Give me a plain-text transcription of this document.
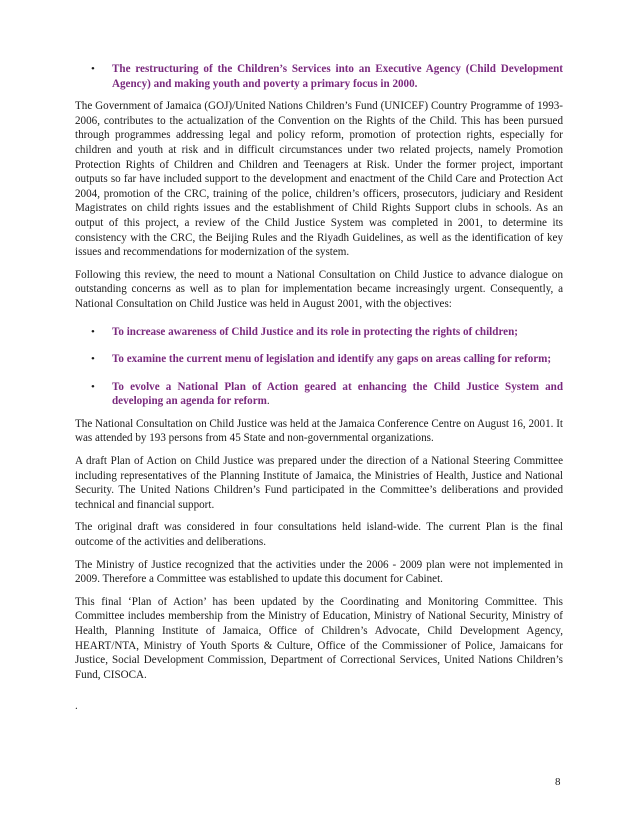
• The restructuring of the Children’s Services into an Executive Agency (Child Development Agency) and making youth and poverty a primary focus in 2000.

The Government of Jamaica (GOJ)/United Nations Children’s Fund (UNICEF) Country Programme of 1993-2006, contributes to the actualization of the Convention on the Rights of the Child. This has been pursued through programmes addressing legal and policy reform, promotion of protection rights, especially for children and youth at risk and in difficult circumstances under two related projects, namely Promotion Protection Rights of Children and Children and Teenagers at Risk. Under the former project, important outputs so far have included support to the development and enactment of the Child Care and Protection Act 2004, promotion of the CRC, training of the police, children’s officers, prosecutors, judiciary and Resident Magistrates on child rights issues and the establishment of Child Rights Support clubs in schools. As an output of this project, a review of the Child Justice System was completed in 2001, to determine its consistency with the CRC, the Beijing Rules and the Riyadh Guidelines, as well as the identification of key issues and recommendations for modernization of the system.

Following this review, the need to mount a National Consultation on Child Justice to advance dialogue on outstanding concerns as well as to plan for implementation became increasingly urgent. Consequently, a National Consultation on Child Justice was held in August 2001, with the objectives:

• To increase awareness of Child Justice and its role in protecting the rights of children;

• To examine the current menu of legislation and identify any gaps on areas calling for reform;

• To evolve a National Plan of Action geared at enhancing the Child Justice System and developing an agenda for reform.

The National Consultation on Child Justice was held at the Jamaica Conference Centre on August 16, 2001. It was attended by 193 persons from 45 State and non-governmental organizations.

A draft Plan of Action on Child Justice was prepared under the direction of a National Steering Committee including representatives of the Planning Institute of Jamaica, the Ministries of Health, Justice and National Security. The United Nations Children’s Fund participated in the Committee’s deliberations and provided technical and financial support.

The original draft was considered in four consultations held island-wide. The current Plan is the final outcome of the activities and deliberations.

The Ministry of Justice recognized that the activities under the 2006 - 2009 plan were not implemented in 2009. Therefore a Committee was established to update this document for Cabinet.

This final ‘Plan of Action’ has been updated by the Coordinating and Monitoring Committee. This Committee includes membership from the Ministry of Education, Ministry of National Security, Ministry of Health, Planning Institute of Jamaica, Office of Children’s Advocate, Child Development Agency, HEART/NTA, Ministry of Youth Sports & Culture, Office of the Commissioner of Police, Jamaicans for Justice, Social Development Commission, Department of Correctional Services, United Nations Children’s Fund, CISOCA.

.

8
